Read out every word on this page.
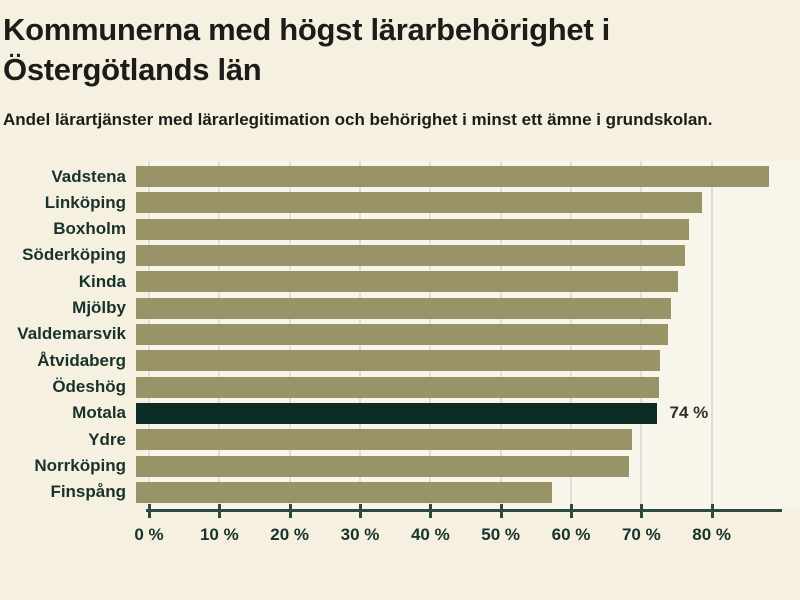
Kommunerna med högst lärarbehörighet i Östergötlands län

Andel lärartjänster med lärarlegitimation och behörighet i minst ett ämne i grundskolan.

Vadstena
Linköping
Boxholm
Söderköping
Kinda
Mjölby
Valdemarsvik
Åtvidaberg
Ödeshög
Motala	74 %
Ydre
Norrköping
Finspång
0 % 10 % 20 % 30 % 40 % 50 % 60 % 70 % 80 %
